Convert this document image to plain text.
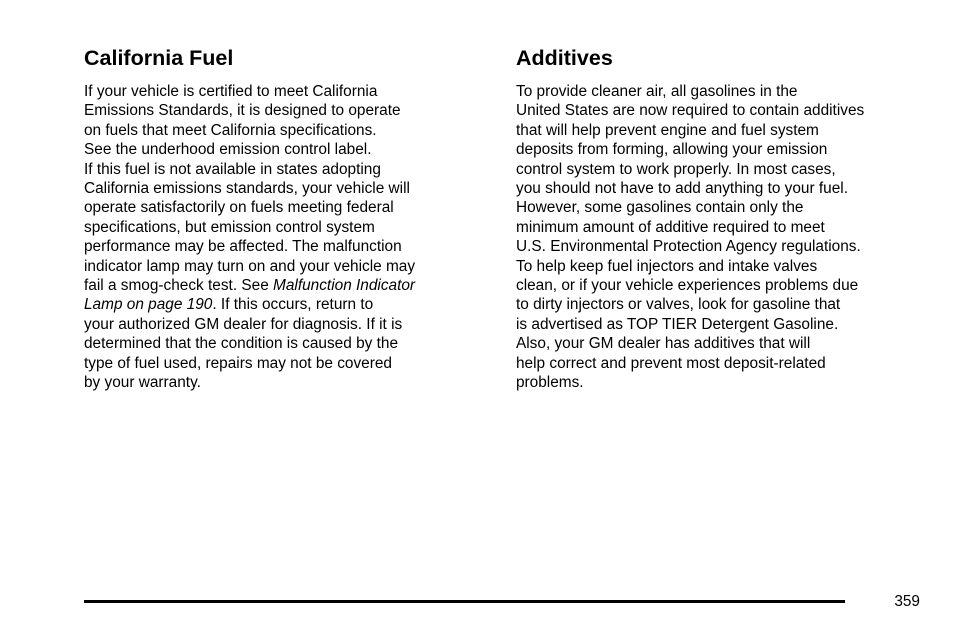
California Fuel

If your vehicle is certified to meet California
Emissions Standards, it is designed to operate
on fuels that meet California specifications.
See the underhood emission control label.
If this fuel is not available in states adopting
California emissions standards, your vehicle will
operate satisfactorily on fuels meeting federal
specifications, but emission control system
performance may be affected. The malfunction
indicator lamp may turn on and your vehicle may
fail a smog-check test. See Malfunction Indicator
Lamp on page 190. If this occurs, return to
your authorized GM dealer for diagnosis. If it is
determined that the condition is caused by the
type of fuel used, repairs may not be covered
by your warranty.

Additives

To provide cleaner air, all gasolines in the
United States are now required to contain additives
that will help prevent engine and fuel system
deposits from forming, allowing your emission
control system to work properly. In most cases,
you should not have to add anything to your fuel.
However, some gasolines contain only the
minimum amount of additive required to meet
U.S. Environmental Protection Agency regulations.
To help keep fuel injectors and intake valves
clean, or if your vehicle experiences problems due
to dirty injectors or valves, look for gasoline that
is advertised as TOP TIER Detergent Gasoline.
Also, your GM dealer has additives that will
help correct and prevent most deposit-related
problems.

359
